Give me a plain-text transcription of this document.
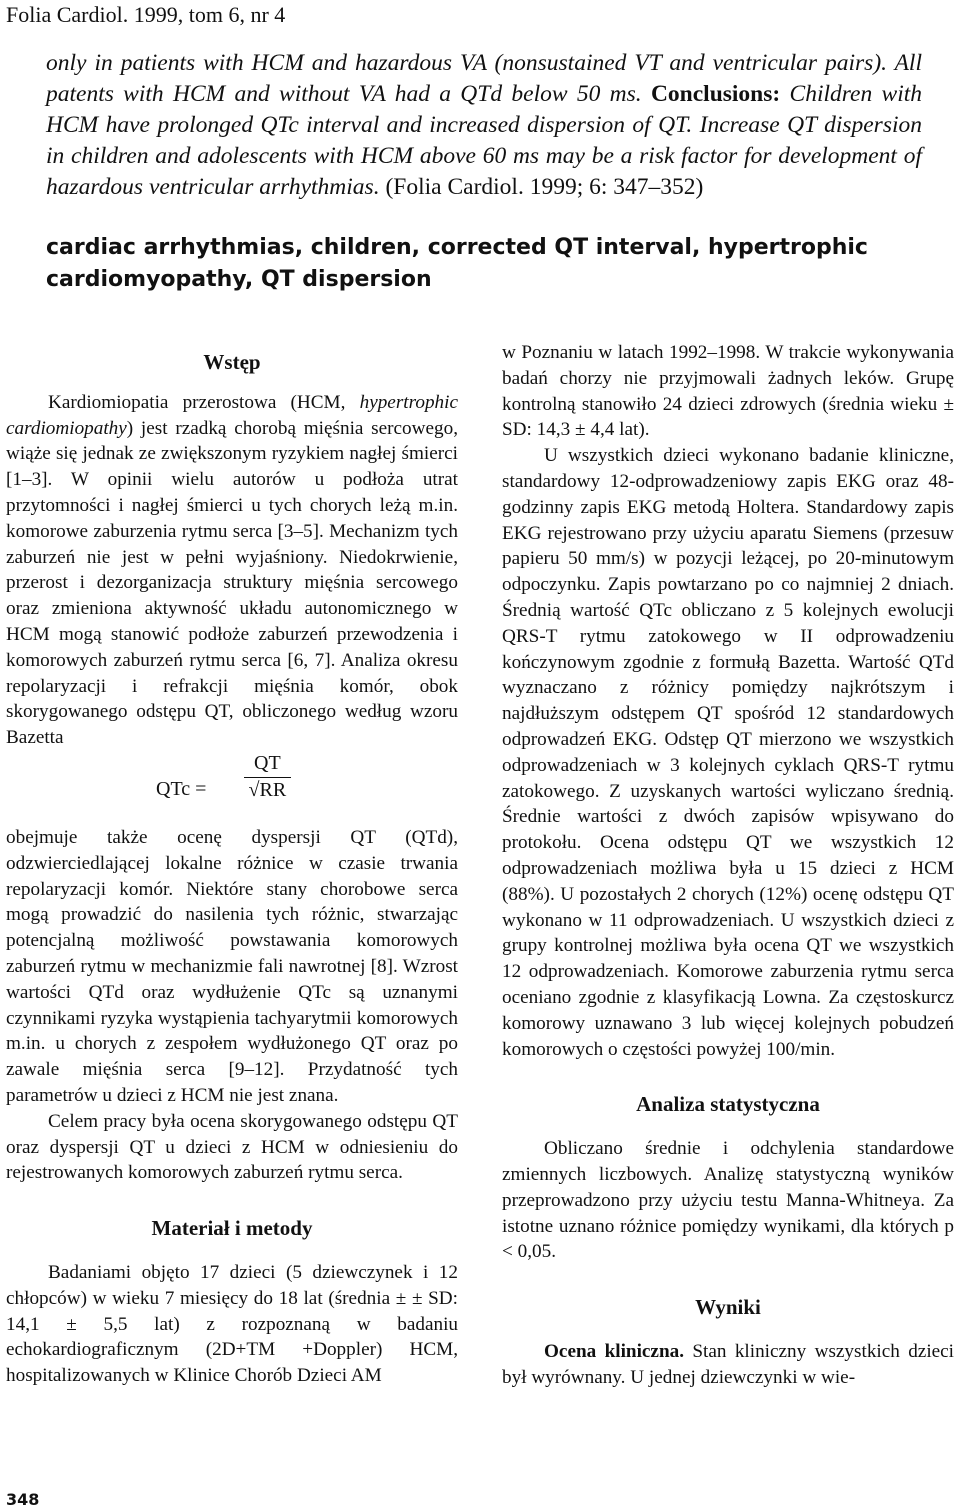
Folia Cardiol. 1999, tom 6, nr 4
only in patients with HCM and hazardous VA (nonsustained VT and ventricular pairs). All patents with HCM and without VA had a QTd below 50 ms. Conclusions: Children with HCM have prolonged QTc interval and increased dispersion of QT. Increase QT dispersion in children and adolescents with HCM above 60 ms may be a risk factor for development of hazardous ventricular arrhythmias. (Folia Cardiol. 1999; 6: 347–352)
cardiac arrhythmias, children, corrected QT interval, hypertrophic cardiomyopathy, QT dispersion

Wstęp

Kardiomiopatia przerostowa (HCM, hypertrophic cardiomiopathy) jest rzadką chorobą mięśnia sercowego, wiąże się jednak ze zwiększonym ryzykiem nagłej śmierci [1–3]. W opinii wielu autorów u podłoża utrat przytomności i nagłej śmierci u tych chorych leżą m.in. komorowe zaburzenia rytmu serca [3–5]. Mechanizm tych zaburzeń nie jest w pełni wyjaśniony. Niedokrwienie, przerost i dezorganizacja struktury mięśnia sercowego oraz zmieniona aktywność układu autonomicznego w HCM mogą stanowić podłoże zaburzeń przewodzenia i komorowych zaburzeń rytmu serca [6, 7]. Analiza okresu repolaryzacji i refrakcji mięśnia komór, obok skorygowanego odstępu QT, obliczonego według wzoru Bazetta

QTc = $\frac{QT}{√RR}$

obejmuje także ocenę dyspersji QT (QTd), odzwierciedlającej lokalne różnice w czasie trwania repolaryzacji komór. Niektóre stany chorobowe serca mogą prowadzić do nasilenia tych różnic, stwarzając potencjalną możliwość powstawania komorowych zaburzeń rytmu w mechanizmie fali nawrotnej [8]. Wzrost wartości QTd oraz wydłużenie QTc są uznanymi czynnikami ryzyka wystąpienia tachyarytmii komorowych m.in. u chorych z zespołem wydłużonego QT oraz po zawale mięśnia serca [9–12]. Przydatność tych parametrów u dzieci z HCM nie jest znana.

Celem pracy była ocena skorygowanego odstępu QT oraz dyspersji QT u dzieci z HCM w odniesieniu do rejestrowanych komorowych zaburzeń rytmu serca.

Materiał i metody

Badaniami objęto 17 dzieci (5 dziewczynek i 12 chłopców) w wieku 7 miesięcy do 18 lat (średnia ± ± SD: 14,1 ± 5,5 lat) z rozpoznaną w badaniu echokardiograficznym (2D+TM +Doppler) HCM, hospitalizowanych w Klinice Chorób Dzieci AM

w Poznaniu w latach 1992–1998. W trakcie wykonywania badań chorzy nie przyjmowali żadnych leków. Grupę kontrolną stanowiło 24 dzieci zdrowych (średnia wieku ± SD: 14,3 ± 4,4 lat).

U wszystkich dzieci wykonano badanie kliniczne, standardowy 12-odprowadzeniowy zapis EKG oraz 48-godzinny zapis EKG metodą Holtera. Standardowy zapis EKG rejestrowano przy użyciu aparatu Siemens (przesuw papieru 50 mm/s) w pozycji leżącej, po 20-minutowym odpoczynku. Zapis powtarzano po co najmniej 2 dniach. Średnią wartość QTc obliczano z 5 kolejnych ewolucji QRS-T rytmu zatokowego w II odprowadzeniu kończynowym zgodnie z formułą Bazetta. Wartość QTd wyznaczano z różnicy pomiędzy najkrótszym i najdłuższym odstępem QT spośród 12 standardowych odprowadzeń EKG. Odstęp QT mierzono we wszystkich odprowadzeniach w 3 kolejnych cyklach QRS-T rytmu zatokowego. Z uzyskanych wartości wyliczano średnią. Średnie wartości z dwóch zapisów wpisywano do protokołu. Ocena odstępu QT we wszystkich 12 odprowadzeniach możliwa była u 15 dzieci z HCM (88%). U pozostałych 2 chorych (12%) ocenę odstępu QT wykonano w 11 odprowadzeniach. U wszystkich dzieci z grupy kontrolnej możliwa była ocena QT we wszystkich 12 odprowadzeniach. Komorowe zaburzenia rytmu serca oceniano zgodnie z klasyfikacją Lowna. Za częstoskurcz komorowy uznawano 3 lub więcej kolejnych pobudzeń komorowych o częstości powyżej 100/min.

Analiza statystyczna

Obliczano średnie i odchylenia standardowe zmiennych liczbowych. Analizę statystyczną wyników przeprowadzono przy użyciu testu Manna-Whitneya. Za istotne uznano różnice pomiędzy wynikami, dla których p < 0,05.

Wyniki

Ocena kliniczna. Stan kliniczny wszystkich dzieci był wyrównany. U jednej dziewczynki w wie-

348
